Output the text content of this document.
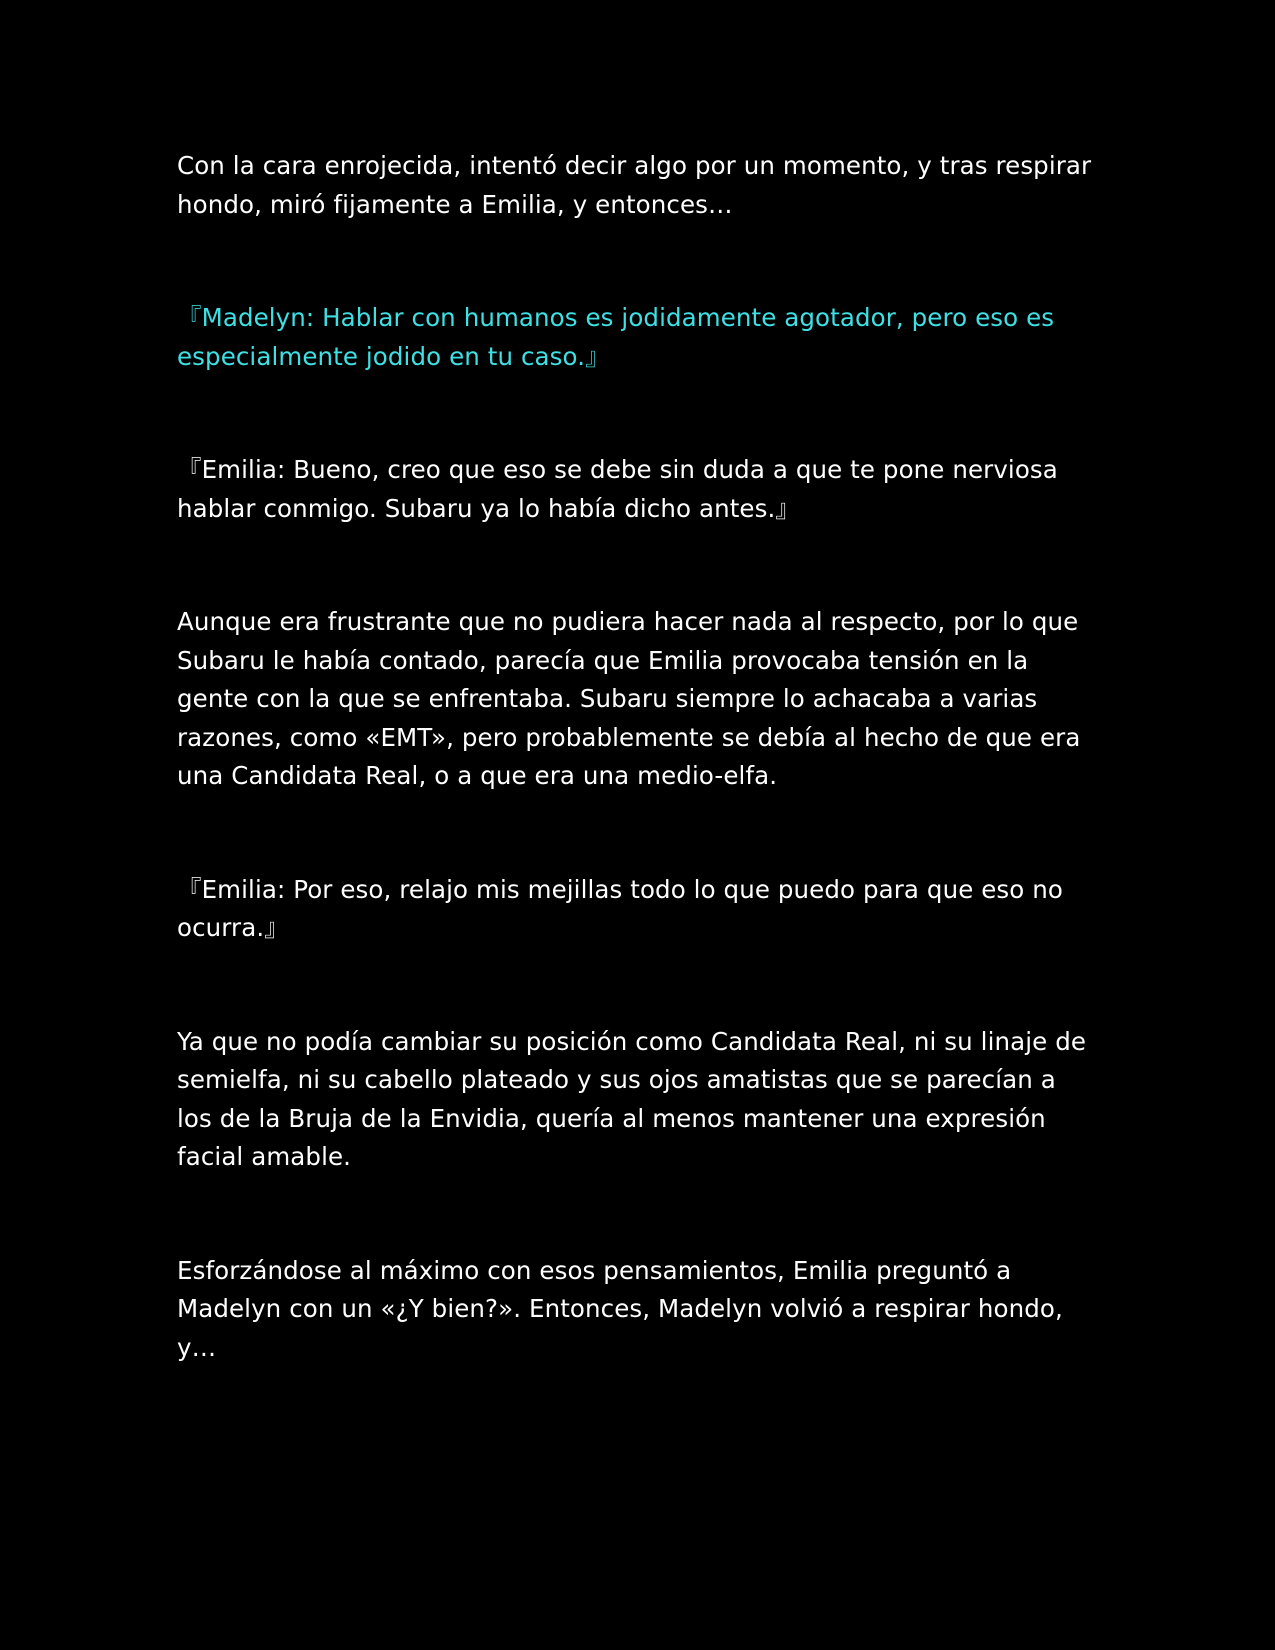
Con la cara enrojecida, intentó decir algo por un momento, y tras respirar hondo, miró fijamente a Emilia, y entonces…

『Madelyn: Hablar con humanos es jodidamente agotador, pero eso es especialmente jodido en tu caso.』

『Emilia: Bueno, creo que eso se debe sin duda a que te pone nerviosa hablar conmigo. Subaru ya lo había dicho antes.』

Aunque era frustrante que no pudiera hacer nada al respecto, por lo que Subaru le había contado, parecía que Emilia provocaba tensión en la gente con la que se enfrentaba. Subaru siempre lo achacaba a varias razones, como «EMT», pero probablemente se debía al hecho de que era una Candidata Real, o a que era una medio-elfa.

『Emilia: Por eso, relajo mis mejillas todo lo que puedo para que eso no ocurra.』

Ya que no podía cambiar su posición como Candidata Real, ni su linaje de semielfa, ni su cabello plateado y sus ojos amatistas que se parecían a los de la Bruja de la Envidia, quería al menos mantener una expresión facial amable.

Esforzándose al máximo con esos pensamientos, Emilia preguntó a Madelyn con un «¿Y bien?». Entonces, Madelyn volvió a respirar hondo, y…
